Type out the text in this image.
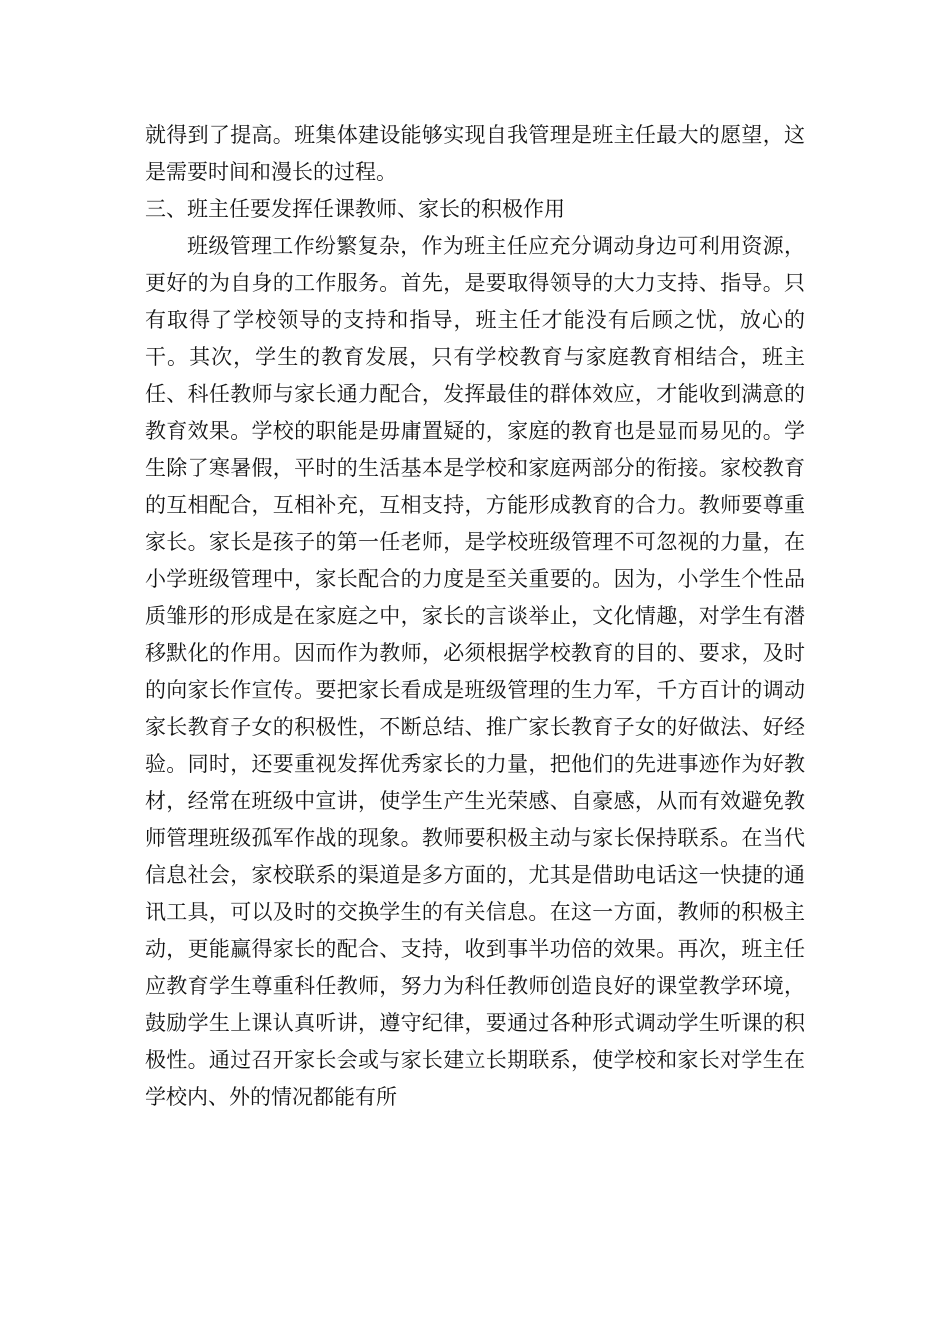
就得到了提高。班集体建设能够实现自我管理是班主任最大的愿望，这是需要时间和漫长的过程。

三、班主任要发挥任课教师、家长的积极作用

班级管理工作纷繁复杂，作为班主任应充分调动身边可利用资源，更好的为自身的工作服务。首先，是要取得领导的大力支持、指导。只有取得了学校领导的支持和指导，班主任才能没有后顾之忧，放心的干。其次，学生的教育发展，只有学校教育与家庭教育相结合，班主任、科任教师与家长通力配合，发挥最佳的群体效应，才能收到满意的教育效果。学校的职能是毋庸置疑的，家庭的教育也是显而易见的。学生除了寒暑假，平时的生活基本是学校和家庭两部分的衔接。家校教育的互相配合，互相补充，互相支持，方能形成教育的合力。教师要尊重家长。家长是孩子的第一任老师，是学校班级管理不可忽视的力量，在小学班级管理中，家长配合的力度是至关重要的。因为，小学生个性品质雏形的形成是在家庭之中，家长的言谈举止，文化情趣，对学生有潜移默化的作用。因而作为教师，必须根据学校教育的目的、要求，及时的向家长作宣传。要把家长看成是班级管理的生力军，千方百计的调动家长教育子女的积极性，不断总结、推广家长教育子女的好做法、好经验。同时，还要重视发挥优秀家长的力量，把他们的先进事迹作为好教材，经常在班级中宣讲，使学生产生光荣感、自豪感，从而有效避免教师管理班级孤军作战的现象。教师要积极主动与家长保持联系。在当代信息社会，家校联系的渠道是多方面的，尤其是借助电话这一快捷的通讯工具，可以及时的交换学生的有关信息。在这一方面，教师的积极主动，更能赢得家长的配合、支持，收到事半功倍的效果。再次，班主任应教育学生尊重科任教师，努力为科任教师创造良好的课堂教学环境，鼓励学生上课认真听讲，遵守纪律，要通过各种形式调动学生听课的积极性。通过召开家长会或与家长建立长期联系，使学校和家长对学生在学校内、外的情况都能有所
